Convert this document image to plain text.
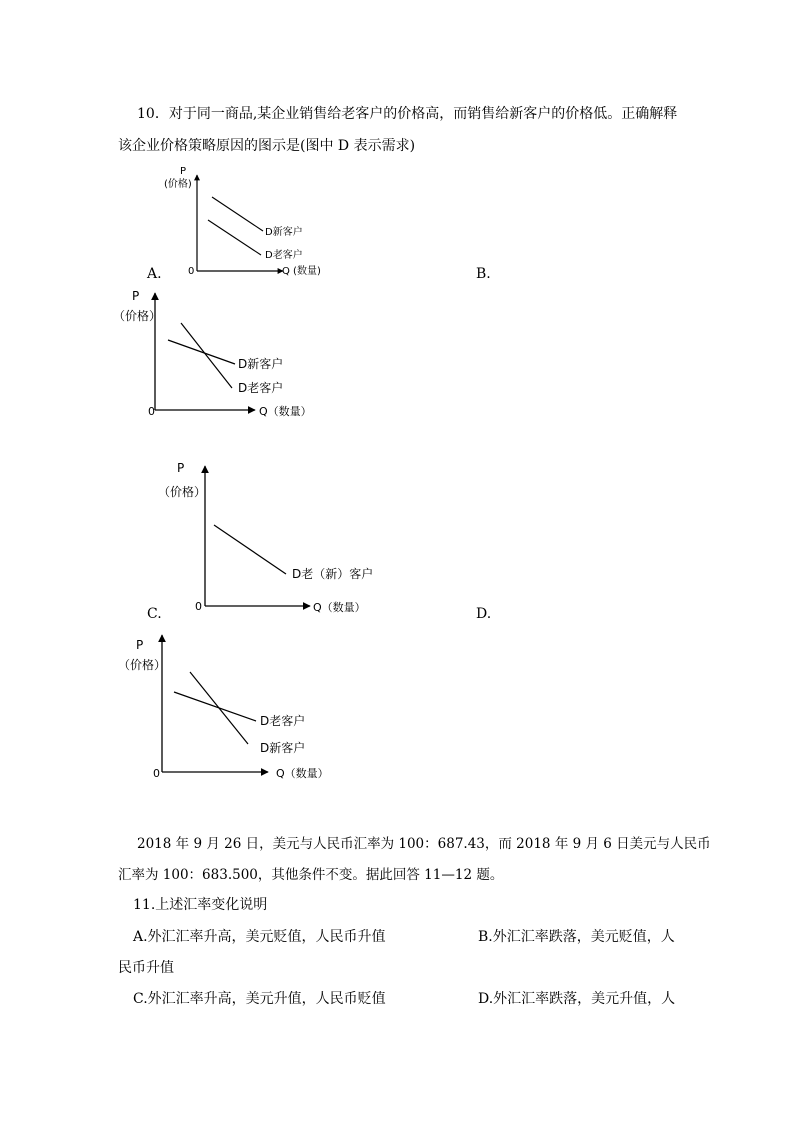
10．对于同一商品,某企业销售给老客户的价格高，而销售给新客户的价格低。正确解释
该企业价格策略原因的图示是(图中 D 表示需求)
P
(价格)
0	Q (数量)
D新客户
D老客户
A.	B.
P
（价格）
0	Q（数量）
D新客户
D老客户
P
（价格）
0	Q（数量）
D老（新）客户
C.	D.
P
（价格）
0	Q（数量）
D老客户
D新客户
2018 年 9 月 26 日，美元与人民币汇率为 100：687.43，而 2018 年 9 月 6 日美元与人民币
汇率为 100：683.500，其他条件不变。据此回答 11—12 题。
11.上述汇率变化说明
A.外汇汇率升高，美元贬值，人民币升值	B.外汇汇率跌落，美元贬值，人
民币升值
C.外汇汇率升高，美元升值，人民币贬值	D.外汇汇率跌落，美元升值，人
